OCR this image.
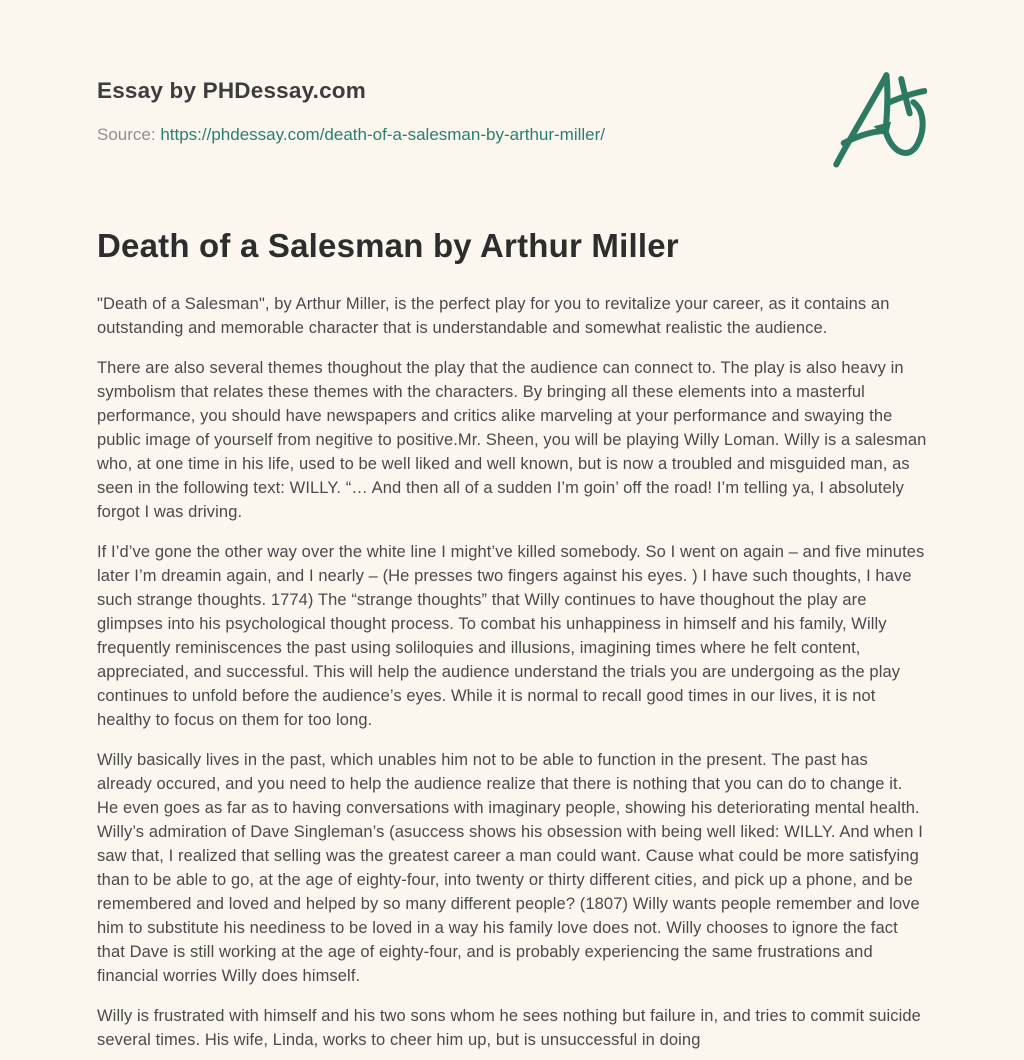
Essay by PHDessay.com

Source: https://phdessay.com/death-of-a-salesman-by-arthur-miller/

Death of a Salesman by Arthur Miller

"Death of a Salesman", by Arthur Miller, is the perfect play for you to revitalize your career, as it contains an outstanding and memorable character that is understandable and somewhat realistic the audience.

There are also several themes thoughout the play that the audience can connect to. The play is also heavy in symbolism that relates these themes with the characters. By bringing all these elements into a masterful performance, you should have newspapers and critics alike marveling at your performance and swaying the public image of yourself from negitive to positive.Mr. Sheen, you will be playing Willy Loman. Willy is a salesman who, at one time in his life, used to be well liked and well known, but is now a troubled and misguided man, as seen in the following text: WILLY. “… And then all of a sudden I’m goin’ off the road! I’m telling ya, I absolutely forgot I was driving.

If I’d’ve gone the other way over the white line I might’ve killed somebody. So I went on again – and five minutes later I’m dreamin again, and I nearly – (He presses two fingers against his eyes. ) I have such thoughts, I have such strange thoughts. 1774) The “strange thoughts” that Willy continues to have thoughout the play are glimpses into his psychological thought process. To combat his unhappiness in himself and his family, Willy frequently reminiscences the past using soliloquies and illusions, imagining times where he felt content, appreciated, and successful. This will help the audience understand the trials you are undergoing as the play continues to unfold before the audience’s eyes. While it is normal to recall good times in our lives, it is not healthy to focus on them for too long.

Willy basically lives in the past, which unables him not to be able to function in the present. The past has already occured, and you need to help the audience realize that there is nothing that you can do to change it. He even goes as far as to having conversations with imaginary people, showing his deteriorating mental health. Willy’s admiration of Dave Singleman’s (asuccess shows his obsession with being well liked: WILLY. And when I saw that, I realized that selling was the greatest career a man could want. Cause what could be more satisfying than to be able to go, at the age of eighty-four, into twenty or thirty different cities, and pick up a phone, and be remembered and loved and helped by so many different people? (1807) Willy wants people remember and love him to substitute his neediness to be loved in a way his family love does not. Willy chooses to ignore the fact that Dave is still working at the age of eighty-four, and is probably experiencing the same frustrations and financial worries Willy does himself.

Willy is frustrated with himself and his two sons whom he sees nothing but failure in, and tries to commit suicide several times. His wife, Linda, works to cheer him up, but is unsuccessful in doing
